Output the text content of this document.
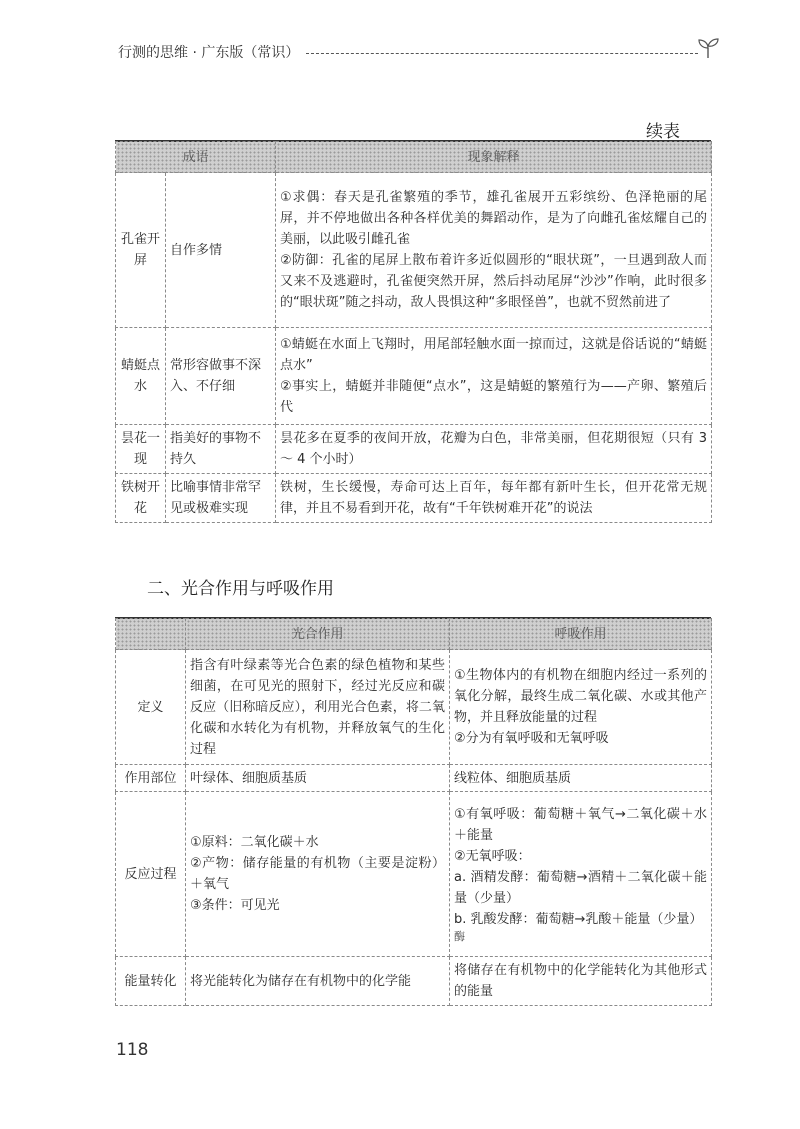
行测的思维 · 广东版（常识）
续表
成语		现象解释
孔雀开屏	自作多情	①求偶：春天是孔雀繁殖的季节，雄孔雀展开五彩缤纷、色泽艳丽的尾屏，并不停地做出各种各样优美的舞蹈动作，是为了向雌孔雀炫耀自己的美丽，以此吸引雌孔雀
②防御：孔雀的尾屏上散布着许多近似圆形的“眼状斑”，一旦遇到敌人而又来不及逃避时，孔雀便突然开屏，然后抖动尾屏“沙沙”作响，此时很多的“眼状斑”随之抖动，敌人畏惧这种“多眼怪兽”，也就不贸然前进了

蜻蜓点水	常形容做事不深入、不仔细	①蜻蜓在水面上飞翔时，用尾部轻触水面一掠而过，这就是俗话说的“蜻蜓点水”
②事实上，蜻蜓并非随便“点水”，这是蜻蜓的繁殖行为——产卵、繁殖后代

昙花一现	指美好的事物不持久	昙花多在夏季的夜间开放，花瓣为白色，非常美丽，但花期很短（只有 3 ～ 4 个小时）

铁树开花	比喻事情非常罕见或极难实现	铁树，生长缓慢，寿命可达上百年，每年都有新叶生长，但开花常无规律，并且不易看到开花，故有“千年铁树难开花”的说法
二、光合作用与呼吸作用
	光合作用	呼吸作用
定义	指含有叶绿素等光合色素的绿色植物和某些细菌，在可见光的照射下，经过光反应和碳反应（旧称暗反应），利用光合色素，将二氧化碳和水转化为有机物，并释放氧气的生化过程	①生物体内的有机物在细胞内经过一系列的氧化分解，最终生成二氧化碳、水或其他产物，并且释放能量的过程
②分为有氧呼吸和无氧呼吸

作用部位	叶绿体、细胞质基质	线粒体、细胞质基质

反应过程	①原料：二氧化碳＋水
②产物：储存能量的有机物（主要是淀粉）＋氧气
③条件：可见光	①有氧呼吸：葡萄糖＋氧气→二氧化碳＋水＋能量
②无氧呼吸：
a. 酒精发酵：葡萄糖→酒精＋二氧化碳＋能量（少量）
b. 乳酸发酵：葡萄糖→乳酸＋能量（少量）
酶

能量转化	将光能转化为储存在有机物中的化学能	将储存在有机物中的化学能转化为其他形式的能量
118
